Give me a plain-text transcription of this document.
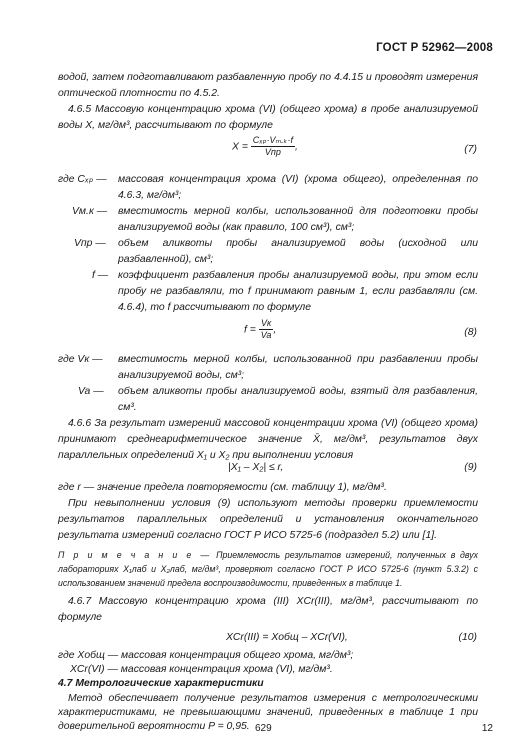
ГОСТ Р 52962—2008
водой, затем подготавливают разбавленную пробу по 4.4.15 и проводят измерения оптической плотности по 4.5.2.
4.6.5 Массовую концентрацию хрома (VI) (общего хрома) в пробе анализируемой воды X, мг/дм³, рассчитывают по формуле
$X = \frac{\text{Cₓₚ·Vₘ.ₖ·f}}{\text{Vпр}}$ ,	(7)
где Cₓₚ —	массовая концентрация хрома (VI) (хрома общего), определенная по 4.6.3, мг/дм³;
Vм.к —	вместимость мерной колбы, использованной для подготовки пробы анализируемой воды (как правило, 100 см³), см³;
Vпр —	объем аликвоты пробы анализируемой воды (исходной или разбавленной), см³;
f — коэффициент разбавления пробы анализируемой воды, при этом если пробу не разбавляли, то f принимают равным 1, если разбавляли (см. 4.6.4), то f рассчитывают по формуле
$f = \frac{Vк}{Va}$ ,	(8)
где Vк —	вместимость мерной колбы, использованной при разбавлении пробы анализируемой воды, см³;
Va —	объем аликвоты пробы анализируемой воды, взятый для разбавления, см³.
4.6.6 За результат измерений массовой концентрации хрома (VI) (общего хрома) принимают среднеарифметическое значение X̄, мг/дм³, результатов двух параллельных определений X₁ и X₂ при выполнении условия
|X₁ – X₂| ≤ r,	(9)
где r — значение предела повторяемости (см. таблицу 1), мг/дм³.
При невыполнении условия (9) используют методы проверки приемлемости результатов параллельных определений и установления окончательного результата измерений согласно ГОСТ Р ИСО 5725-6 (подраздел 5.2) или [1].
П р и м е ч а н и е — Приемлемость результатов измерений, полученных в двух лабораториях X₁лаб и X₂лаб, мг/дм³, проверяют согласно ГОСТ Р ИСО 5725-6 (пункт 5.3.2) с использованием значений предела воспроизводимости, приведенных в таблице 1.
4.6.7 Массовую концентрацию хрома (III) XCr(III), мг/дм³, рассчитывают по формуле
XCr(III) = Xобщ – XCr(VI),	(10)
где Xобщ — массовая концентрация общего хрома, мг/дм³;
XCr(VI) — массовая концентрация хрома (VI), мг/дм³.
4.7 Метрологические характеристики
Метод обеспечивает получение результатов измерения с метрологическими характеристиками, не превышающими значений, приведенных в таблице 1 при доверительной вероятности P = 0,95. 629	12
